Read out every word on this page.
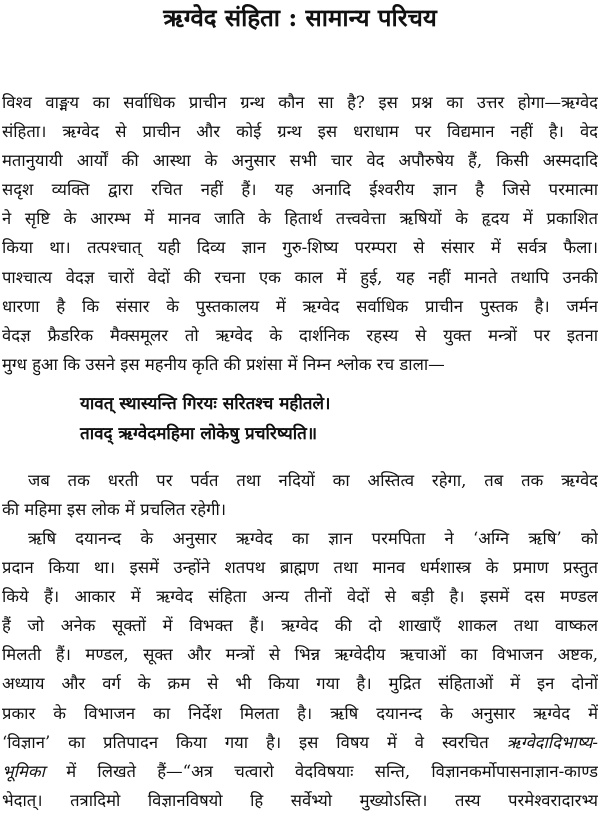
ऋग्वेद संहिता : सामान्य परिचय
विश्व वाङ्मय का सर्वाधिक प्राचीन ग्रन्थ कौन सा है? इस प्रश्न का उत्तर होगा—ऋग्वेद
संहिता। ऋग्वेद से प्राचीन और कोई ग्रन्थ इस धराधाम पर विद्यमान नहीं है। वेद
मतानुयायी आर्यों की आस्था के अनुसार सभी चार वेद अपौरुषेय हैं, किसी अस्मदादि
सदृश व्यक्ति द्वारा रचित नहीं हैं। यह अनादि ईश्वरीय ज्ञान है जिसे परमात्मा
ने सृष्टि के आरम्भ में मानव जाति के हितार्थ तत्त्ववेत्ता ऋषियों के हृदय में प्रकाशित
किया था। तत्पश्चात् यही दिव्य ज्ञान गुरु-शिष्य परम्परा से संसार में सर्वत्र फैला।
पाश्चात्य वेदज्ञ चारों वेदों की रचना एक काल में हुई, यह नहीं मानते तथापि उनकी
धारणा है कि संसार के पुस्तकालय में ऋग्वेद सर्वाधिक प्राचीन पुस्तक है। जर्मन
वेदज्ञ फ्रैडरिक मैक्समूलर तो ऋग्वेद के दार्शनिक रहस्य से युक्त मन्त्रों पर इतना
मुग्ध हुआ कि उसने इस महनीय कृति की प्रशंसा में निम्न श्लोक रच डाला—
यावत् स्थास्यन्ति गिरयः सरितश्च महीतले।
तावद् ऋग्वेदमहिमा लोकेषु प्रचरिष्यति॥
जब तक धरती पर पर्वत तथा नदियों का अस्तित्व रहेगा, तब तक ऋग्वेद
की महिमा इस लोक में प्रचलित रहेगी।
ऋषि दयानन्द के अनुसार ऋग्वेद का ज्ञान परमपिता ने ‘अग्नि ऋषि’ को
प्रदान किया था। इसमें उन्होंने शतपथ ब्राह्मण तथा मानव धर्मशास्त्र के प्रमाण प्रस्तुत
किये हैं। आकार में ऋग्वेद संहिता अन्य तीनों वेदों से बड़ी है। इसमें दस मण्डल
हैं जो अनेक सूक्तों में विभक्त हैं। ऋग्वेद की दो शाखाएँ शाकल तथा वाष्कल
मिलती हैं। मण्डल, सूक्त और मन्त्रों से भिन्न ऋग्वेदीय ऋचाओं का विभाजन अष्टक,
अध्याय और वर्ग के क्रम से भी किया गया है। मुद्रित संहिताओं में इन दोनों
प्रकार के विभाजन का निर्देश मिलता है। ऋषि दयानन्द के अनुसार ऋग्वेद में
‘विज्ञान’ का प्रतिपादन किया गया है। इस विषय में वे स्वरचित ऋग्वेदादिभाष्य-
भूमिका में लिखते हैं—“अत्र चत्वारो वेदविषयाः सन्ति, विज्ञानकर्मोपासनाज्ञान-काण्ड
भेदात्। तत्रादिमो विज्ञानविषयो हि सर्वेभ्यो मुख्योऽस्ति। तस्य परमेश्वरादारभ्य
